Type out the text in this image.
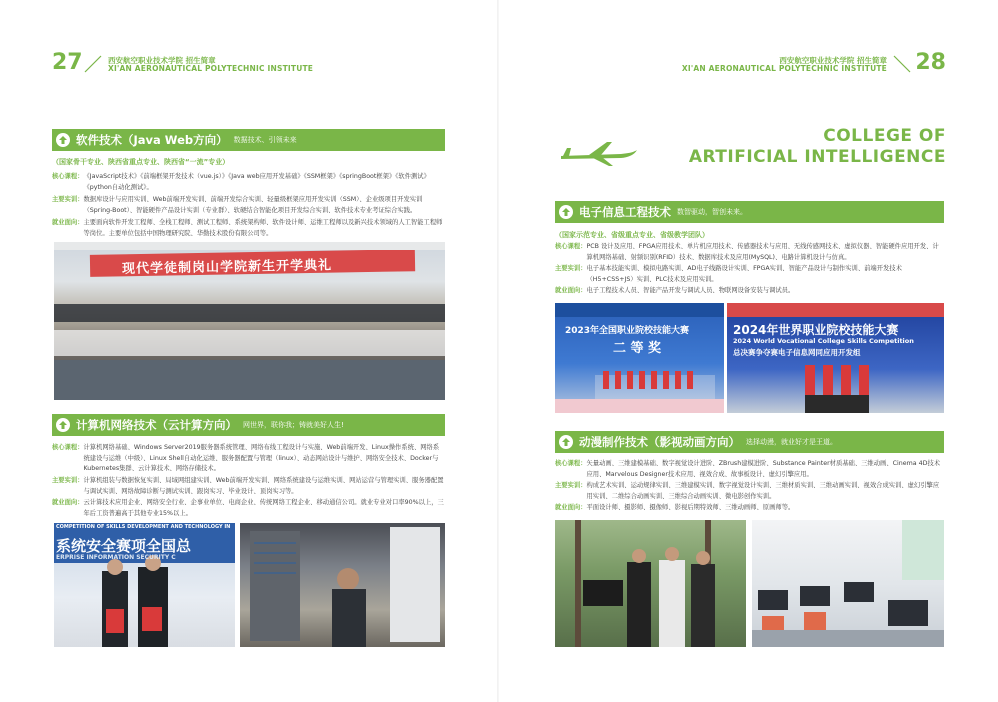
27	西安航空职业技术学院 招生简章
XI'AN AERONAUTICAL POLYTECHNIC INSTITUTE
软件技术（Java Web方向） 数据技术、引领未来
（国家骨干专业、陕西省重点专业、陕西省“一流”专业）
核心课程： 《JavaScript技术》《前端框架开发技术（vue.js）》《Java web应用开发基础》《SSM框架》《springBoot框架》《软件测试》《python自动化测试》。
主要实训： 数据库设计与应用实训、Web前端开发实训、前端开发综合实训、轻量级框架应用开发实训（SSM）、企业级项目开发实训（Spring-Boot）、智能硬件产品设计实训（专业群）、软硬结合智能化项目开发综合实训、软件技术专业考证综合实践。
就业面向： 主要面向软件开发工程师、全栈工程师、测试工程师、系统架构师、软件设计师、运维工程师以及新兴技术领域的人工智能工程师等岗位。主要单位包括中国物理研究院、华勤技术股份有限公司等。
现代学徒制岗山学院新生开学典礼
计算机网络技术（云计算方向） 网世界，联你我；铸就美好人生!
核心课程： 计算机网络基础、Windows Server2019服务器系统管理、网络布线工程设计与实施、Web前端开发、Linux操作系统、网络系统建设与运维（中级）、Linux Shell自动化运维、服务器配置与管理（linux）、动态网站设计与维护、网络安全技术、Docker与Kubernetes集群、云计算技术、网络存储技术。
主要实训： 计算机组装与数据恢复实训、局域网组建实训、Web前端开发实训、网络系统建设与运维实训、网站运营与管理实训、服务器配置与调试实训、网络故障诊断与测试实训、跟岗实习、毕业设计、顶岗实习等。
就业面向： 云计算技术应用企业、网络安全行业、企事业单位、电商企业、传统网络工程企业、移动通信公司。就业专业对口率90%以上，三年后工资普遍高于其他专业15%以上。
COMPETITION OF SKILLS DEVELOPMENT AND TECHNOLOGY IN
系统安全赛项全国总
ERPRISE INFORMATION SECURITY C
西安航空职业技术学院 招生简章
XI'AN AERONAUTICAL POLYTECHNIC INSTITUTE 28
COLLEGE OF
ARTIFICIAL INTELLIGENCE
电子信息工程技术 数智驱动，智创未来。
（国家示范专业、省级重点专业、省级教学团队）
核心课程： PCB 设计及应用、FPGA应用技术、单片机应用技术、传感器技术与应用、无线传感网技术、虚拟仪器、智能硬件应用开发、计算机网络基础、射频识别(RFID）技术、数据库技术及应用(MySQL)、电路计算机设计与仿真。
主要实训： 电子基本技能实训、模拟电路实训、AD电子线路设计实训、FPGA实训、智能产品设计与制作实训、前端开发技术（H5+CSS+JS）实训、PLC技术及应用实训。
就业面向： 电子工程技术人员、智能产品开发与调试人员、物联网设备安装与调试员。
2023年全国职业院校技能大赛
二 等 奖
2024年世界职业院校技能大赛
2024 World Vocational College Skills Competition
总决赛争夺赛电子信息网同应用开发组
动漫制作技术（影视动画方向） 选择动漫，就业好才是王道。
核心课程： 矢量动画、三维建模基础、数字视觉设计进阶、ZBrush建模进阶、Substance Painter材质基础、三维动画、Cinema 4D技术应用、Marvelous Designer技术应用、视效合成、故事板设计、虚幻引擎应用。
主要实训： 构成艺术实训、运动规律实训、三维建模实训、数字视觉设计实训、三维材质实训、三维动画实训、视效合成实训、虚幻引擎应用实训、二维综合动画实训、三维综合动画实训、微电影创作实训。
就业面向： 平面设计师、摄影师、摄像师、影视后期特效师、三维动画师、原画师等。
